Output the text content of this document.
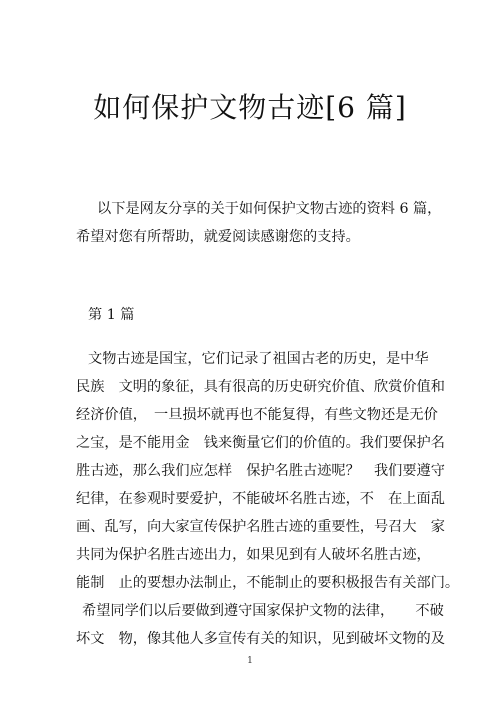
如何保护文物古迹[6 篇]
以下是网友分享的关于如何保护文物古迹的资料 6 篇，
希望对您有所帮助，就爱阅读感谢您的支持。
第 1 篇
文物古迹是国宝，它们记录了祖国古老的历史，是中华
民族　文明的象征，具有很高的历史研究价值、欣赏价值和
经济价值，　一旦损坏就再也不能复得，有些文物还是无价
之宝，是不能用金　钱来衡量它们的价值的。我们要保护名
胜古迹，那么我们应怎样　保护名胜古迹呢？　我们要遵守
纪律，在参观时要爱护，不能破坏名胜古迹，不　在上面乱
画、乱写，向大家宣传保护名胜古迹的重要性，号召大　家
共同为保护名胜古迹出力，如果见到有人破坏名胜古迹，
能制　止的要想办法制止，不能制止的要积极报告有关部门。
希望同学们以后要做到遵守国家保护文物的法律，　　不破
坏文　物，像其他人多宣传有关的知识，见到破坏文物的及
1
